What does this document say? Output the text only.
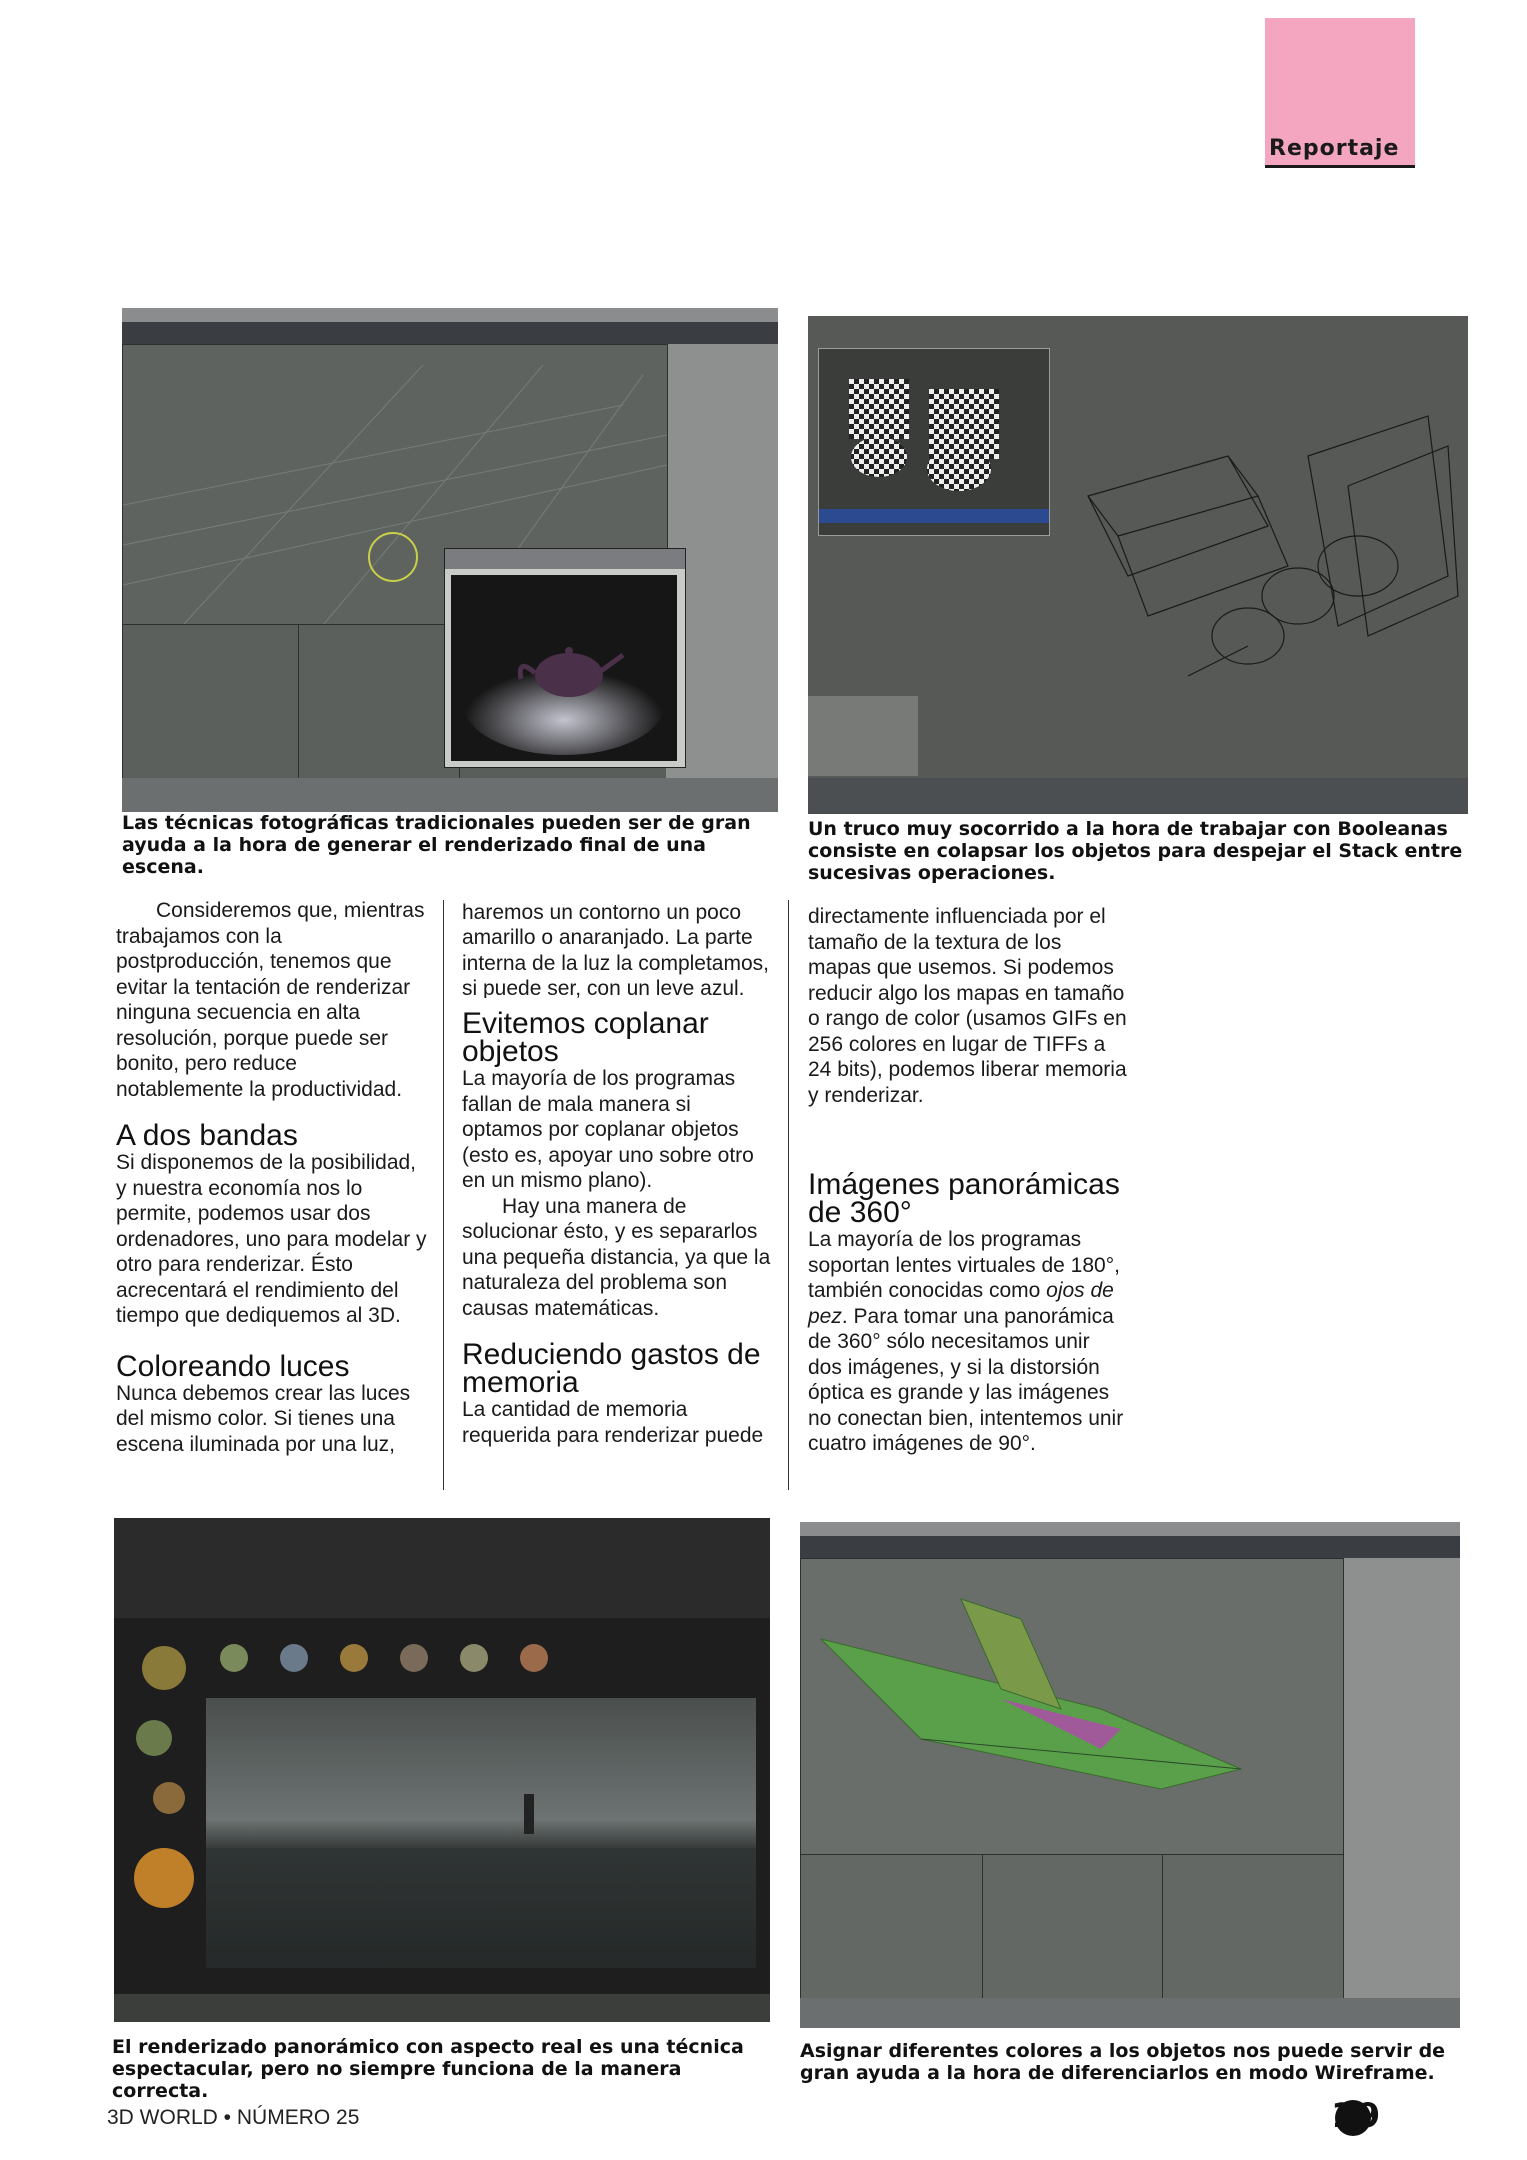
Reportaje
Las técnicas fotográficas tradicionales pueden ser de gran ayuda a la hora de generar el renderizado final de una escena.
Un truco muy socorrido a la hora de trabajar con Booleanas consiste en colapsar los objetos para despejar el Stack entre sucesivas operaciones.

Consideremos que, mientras trabajamos con la postproducción, tenemos que evitar la tentación de renderizar ninguna secuencia en alta resolución, porque puede ser bonito, pero reduce notablemente la productividad.

A dos bandas

Si disponemos de la posibilidad, y nuestra economía nos lo permite, podemos usar dos ordenadores, uno para modelar y otro para renderizar. Ésto acrecentará el rendimiento del tiempo que dediquemos al 3D.

Coloreando luces

Nunca debemos crear las luces del mismo color. Si tienes una escena iluminada por una luz,

haremos un contorno un poco amarillo o anaranjado. La parte interna de la luz la completamos, si puede ser, con un leve azul.

Evitemos coplanar objetos

La mayoría de los programas fallan de mala manera si optamos por coplanar objetos (esto es, apoyar uno sobre otro en un mismo plano).

Hay una manera de solucionar ésto, y es separarlos una pequeña distancia, ya que la naturaleza del problema son causas matemáticas.

Reduciendo gastos de memoria

La cantidad de memoria requerida para renderizar puede

directamente influenciada por el tamaño de la textura de los mapas que usemos. Si podemos reducir algo los mapas en tamaño o rango de color (usamos GIFs en 256 colores en lugar de TIFFs a 24 bits), podemos liberar memoria y renderizar.

Imágenes panorámicas de 360°

La mayoría de los programas soportan lentes virtuales de 180°, también conocidas como ojos de pez. Para tomar una panorámica de 360° sólo necesitamos unir dos imágenes, y si la distorsión óptica es grande y las imágenes no conectan bien, intentemos unir cuatro imágenes de 90°.

El renderizado panorámico con aspecto real es una técnica espectacular, pero no siempre funciona de la manera correcta.
Asignar diferentes colores a los objetos nos puede servir de gran ayuda a la hora de diferenciarlos en modo Wireframe.
3D WORLD • NÚMERO 25	19
